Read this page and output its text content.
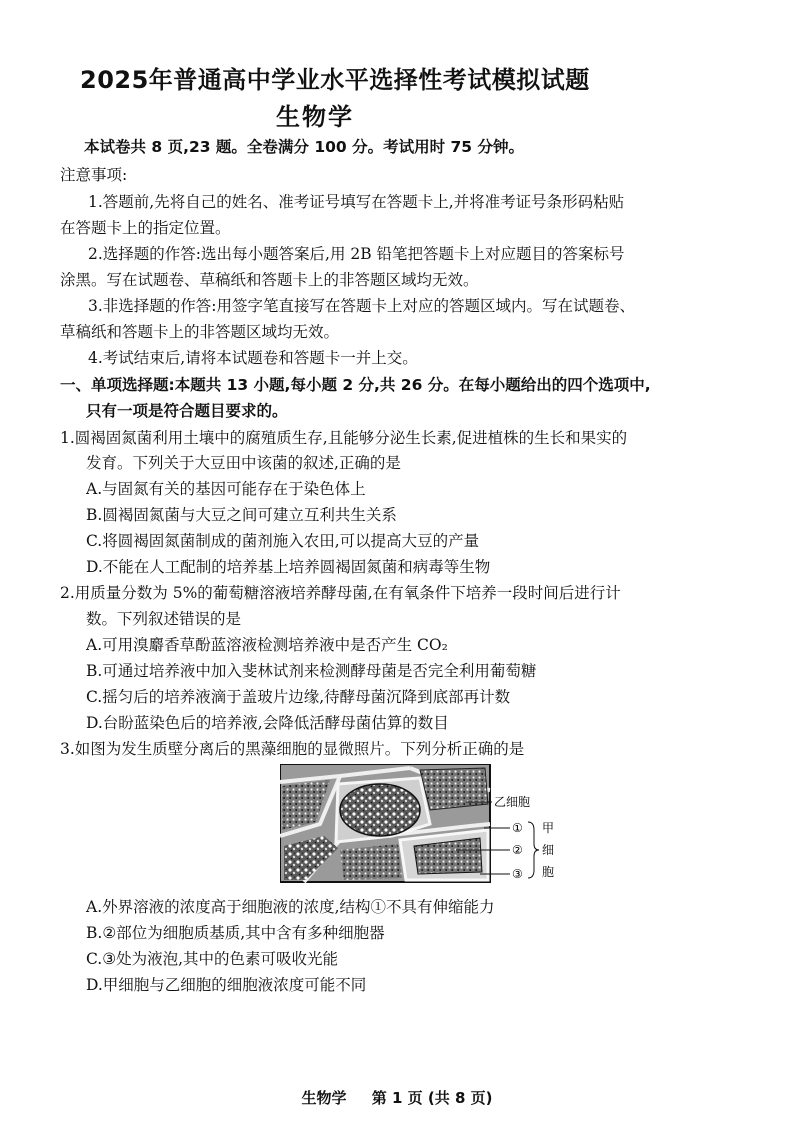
2025年普通高中学业水平选择性考试模拟试题
生物学
本试卷共 8 页,23 题。全卷满分 100 分。考试用时 75 分钟。
注意事项:
1.答题前,先将自己的姓名、准考证号填写在答题卡上,并将准考证号条形码粘贴
在答题卡上的指定位置。
2.选择题的作答:选出每小题答案后,用 2B 铅笔把答题卡上对应题目的答案标号
涂黑。写在试题卷、草稿纸和答题卡上的非答题区域均无效。
3.非选择题的作答:用签字笔直接写在答题卡上对应的答题区域内。写在试题卷、
草稿纸和答题卡上的非答题区域均无效。
4.考试结束后,请将本试题卷和答题卡一并上交。
一、单项选择题:本题共 13 小题,每小题 2 分,共 26 分。在每小题给出的四个选项中,
只有一项是符合题目要求的。
1.圆褐固氮菌利用土壤中的腐殖质生存,且能够分泌生长素,促进植株的生长和果实的
发育。下列关于大豆田中该菌的叙述,正确的是
A.与固氮有关的基因可能存在于染色体上
B.圆褐固氮菌与大豆之间可建立互利共生关系
C.将圆褐固氮菌制成的菌剂施入农田,可以提高大豆的产量
D.不能在人工配制的培养基上培养圆褐固氮菌和病毒等生物
2.用质量分数为 5%的葡萄糖溶液培养酵母菌,在有氧条件下培养一段时间后进行计
数。下列叙述错误的是
A.可用溴麝香草酚蓝溶液检测培养液中是否产生 CO₂
B.可通过培养液中加入斐林试剂来检测酵母菌是否完全利用葡萄糖
C.摇匀后的培养液滴于盖玻片边缘,待酵母菌沉降到底部再计数
D.台盼蓝染色后的培养液,会降低活酵母菌估算的数目
3.如图为发生质壁分离后的黑藻细胞的显微照片。下列分析正确的是
乙细胞
①
②
③
甲
细
胞
A.外界溶液的浓度高于细胞液的浓度,结构①不具有伸缩能力
B.②部位为细胞质基质,其中含有多种细胞器
C.③处为液泡,其中的色素可吸收光能
D.甲细胞与乙细胞的细胞液浓度可能不同
生物学 第 1 页 (共 8 页)
